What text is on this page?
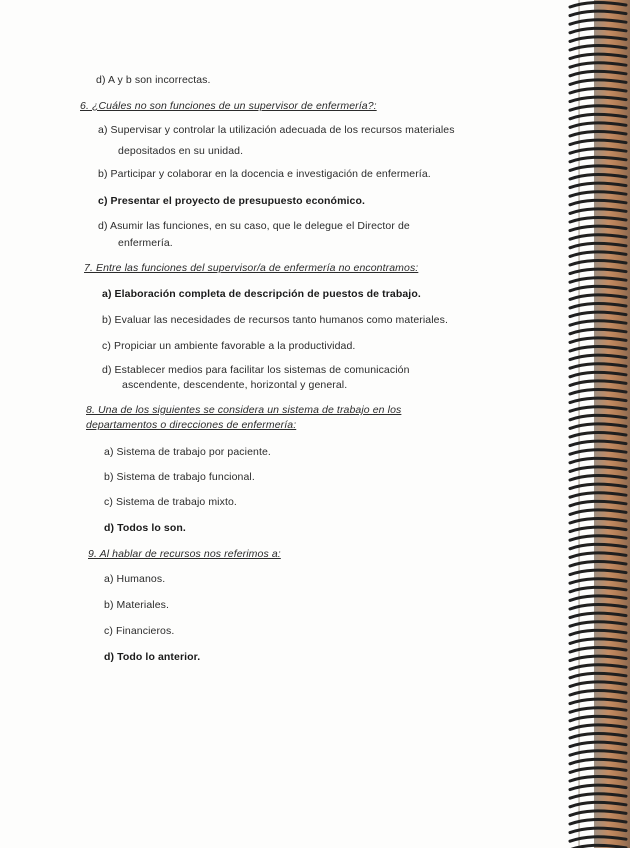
d) A y b son incorrectas.
6. ¿Cuáles no son funciones de un supervisor de enfermería?:
a) Supervisar y controlar la utilización adecuada de los recursos materiales
depositados en su unidad.
b) Participar y colaborar en la docencia e investigación de enfermería.
c) Presentar el proyecto de presupuesto económico.
d) Asumir las funciones, en su caso, que le delegue el Director de
enfermería.
7. Entre las funciones del supervisor/a de enfermería no encontramos:
a) Elaboración completa de descripción de puestos de trabajo.
b) Evaluar las necesidades de recursos tanto humanos como materiales.
c) Propiciar un ambiente favorable a la productividad.
d) Establecer medios para facilitar los sistemas de comunicación
ascendente, descendente, horizontal y general.
8. Una de los siguientes se considera un sistema de trabajo en los
departamentos o direcciones de enfermería:
a) Sistema de trabajo por paciente.
b) Sistema de trabajo funcional.
c) Sistema de trabajo mixto.
d) Todos lo son.
9. Al hablar de recursos nos referimos a:
a) Humanos.
b) Materiales.
c) Financieros.
d) Todo lo anterior.
